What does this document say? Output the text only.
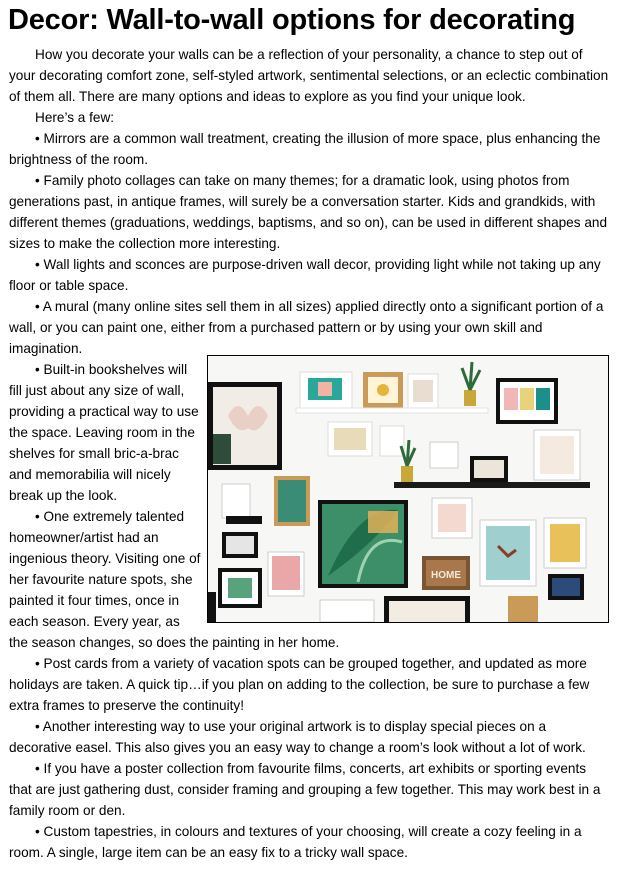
Decor: Wall-to-wall options for decorating

How you decorate your walls can be a reflection of your personality, a chance to step out of your decorating comfort zone, self-styled artwork, sentimental selections, or an eclectic combination of them all. There are many options and ideas to explore as you find your unique look.

Here’s a few:

• Mirrors are a common wall treatment, creating the illusion of more space, plus enhancing the brightness of the room.

• Family photo collages can take on many themes; for a dramatic look, using photos from generations past, in antique frames, will surely be a conversation starter. Kids and grandkids, with different themes (graduations, weddings, baptisms, and so on), can be used in different shapes and sizes to make the collection more interesting.

• Wall lights and sconces are purpose-driven wall decor, providing light while not taking up any floor or table space.

• A mural (many online sites sell them in all sizes) applied directly onto a significant portion of a wall, or you can paint one, either from a purchased pattern or by using your own skill and imagination.

HOME

• Built-in bookshelves will fill just about any size of wall, providing a practical way to use the space. Leaving room in the shelves for small bric-a-brac and memorabilia will nicely break up the look.

• One extremely talented homeowner/artist had an ingenious theory. Visiting one of her favourite nature spots, she painted it four times, once in each season. Every year, as the season changes, so does the painting in her home.

• Post cards from a variety of vacation spots can be grouped together, and updated as more holidays are taken. A quick tip…if you plan on adding to the collection, be sure to purchase a few extra frames to preserve the continuity!

• Another interesting way to use your original artwork is to display special pieces on a decorative easel. This also gives you an easy way to change a room’s look without a lot of work.

• If you have a poster collection from favourite films, concerts, art exhibits or sporting events that are just gathering dust, consider framing and grouping a few together. This may work best in a family room or den.

• Custom tapestries, in colours and textures of your choosing, will create a cozy feeling in a room. A single, large item can be an easy fix to a tricky wall space.
